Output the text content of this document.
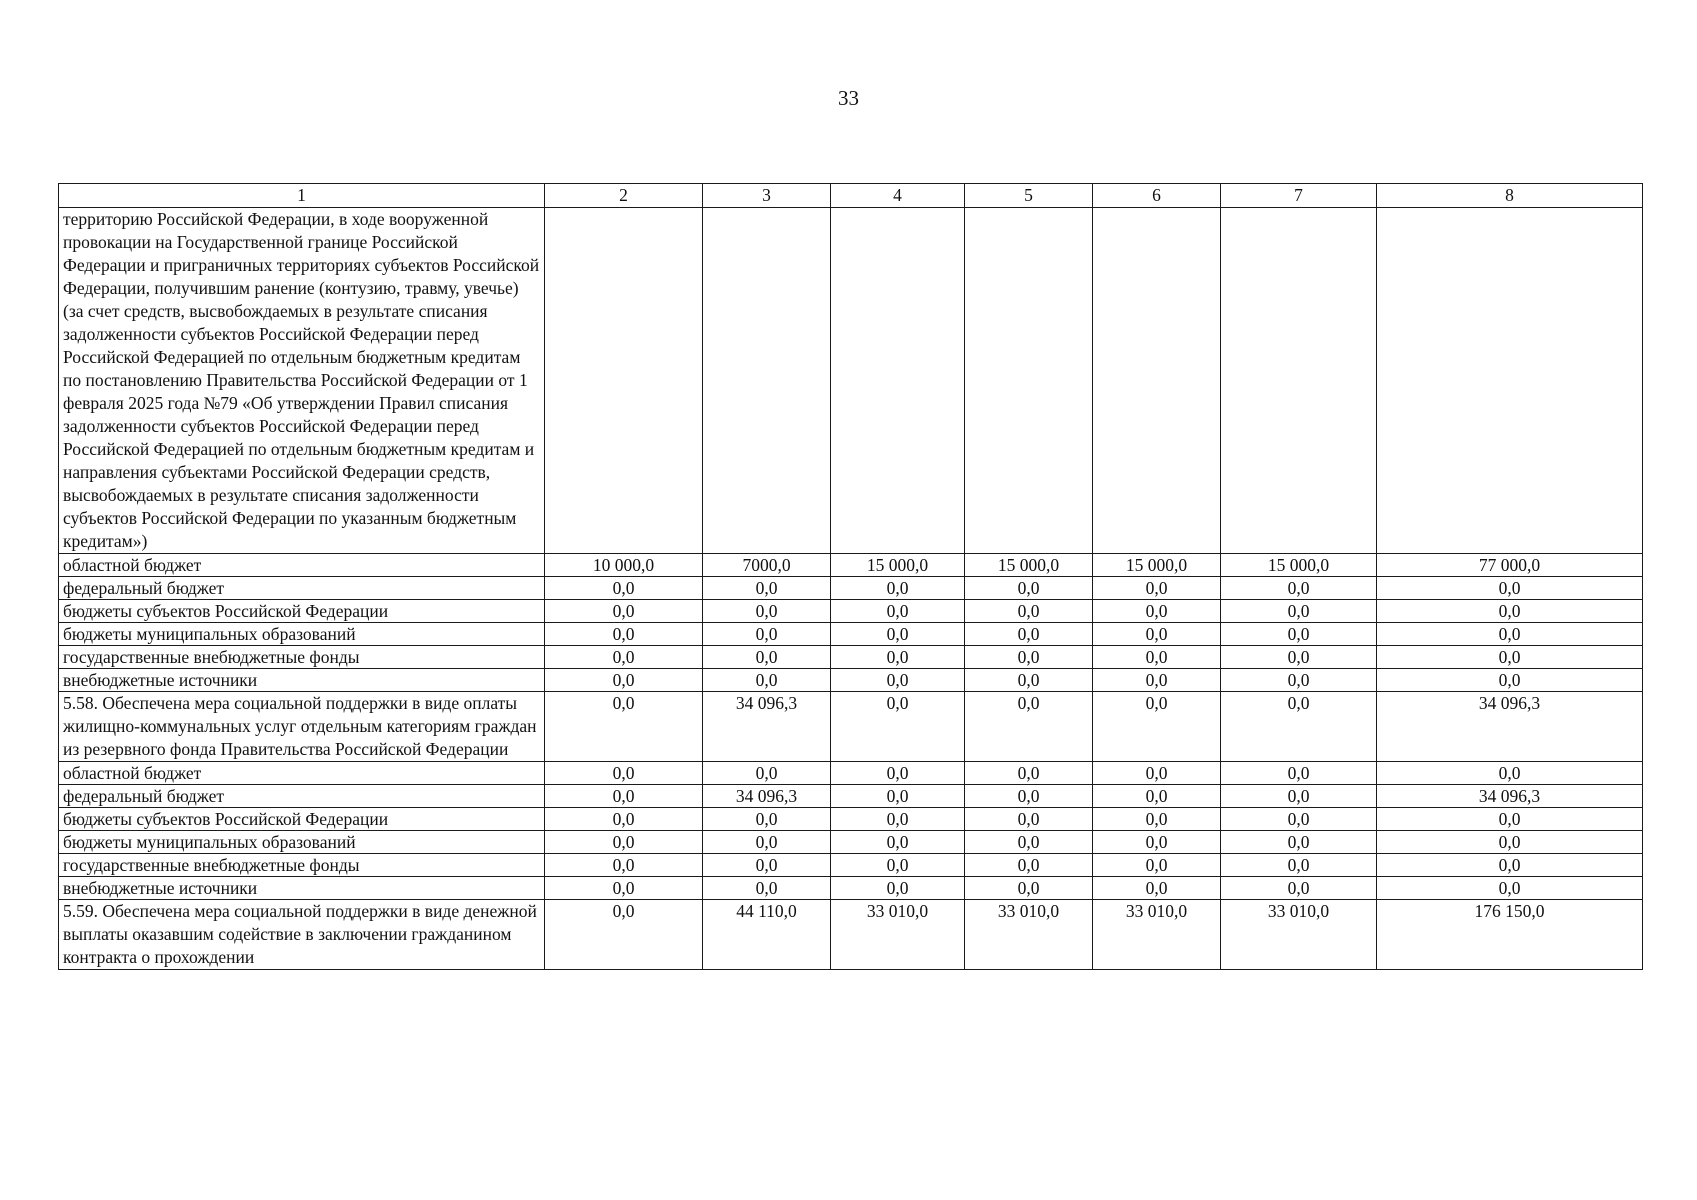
33
1	2	3	4	5	6	7	8
территорию Российской Федерации, в ходе вооруженной провокации на Государственной границе Российской Федерации и приграничных территориях субъектов Российской Федерации, получившим ранение (контузию, травму, увечье) (за счет средств, высвобождаемых в результате списания задолженности субъектов Российской Федерации перед Российской Федерацией по отдельным бюджетным кредитам по постановлению Правительства Российской Федерации от 1 февраля 2025 года №79 «Об утверждении Правил списания задолженности субъектов Российской Федерации перед Российской Федерацией по отдельным бюджетным кредитам и направления субъектами Российской Федерации средств, высвобождаемых в результате списания задолженности субъектов Российской Федерации по указанным бюджетным кредитам»)							
областной бюджет	10 000,0	7000,0	15 000,0	15 000,0	15 000,0	15 000,0	77 000,0
федеральный бюджет	0,0	0,0	0,0	0,0	0,0	0,0	0,0
бюджеты субъектов Российской Федерации	0,0	0,0	0,0	0,0	0,0	0,0	0,0
бюджеты муниципальных образований	0,0	0,0	0,0	0,0	0,0	0,0	0,0
государственные внебюджетные фонды	0,0	0,0	0,0	0,0	0,0	0,0	0,0
внебюджетные источники	0,0	0,0	0,0	0,0	0,0	0,0	0,0
5.58. Обеспечена мера социальной поддержки в виде оплаты жилищно-коммунальных услуг отдельным категориям граждан из резервного фонда Правительства Российской Федерации	0,0	34 096,3	0,0	0,0	0,0	0,0	34 096,3
областной бюджет	0,0	0,0	0,0	0,0	0,0	0,0	0,0
федеральный бюджет	0,0	34 096,3	0,0	0,0	0,0	0,0	34 096,3
бюджеты субъектов Российской Федерации	0,0	0,0	0,0	0,0	0,0	0,0	0,0
бюджеты муниципальных образований	0,0	0,0	0,0	0,0	0,0	0,0	0,0
государственные внебюджетные фонды	0,0	0,0	0,0	0,0	0,0	0,0	0,0
внебюджетные источники	0,0	0,0	0,0	0,0	0,0	0,0	0,0
5.59. Обеспечена мера социальной поддержки в виде денежной выплаты оказавшим содействие в заключении гражданином контракта о прохождении	0,0	44 110,0	33 010,0	33 010,0	33 010,0	33 010,0	176 150,0
